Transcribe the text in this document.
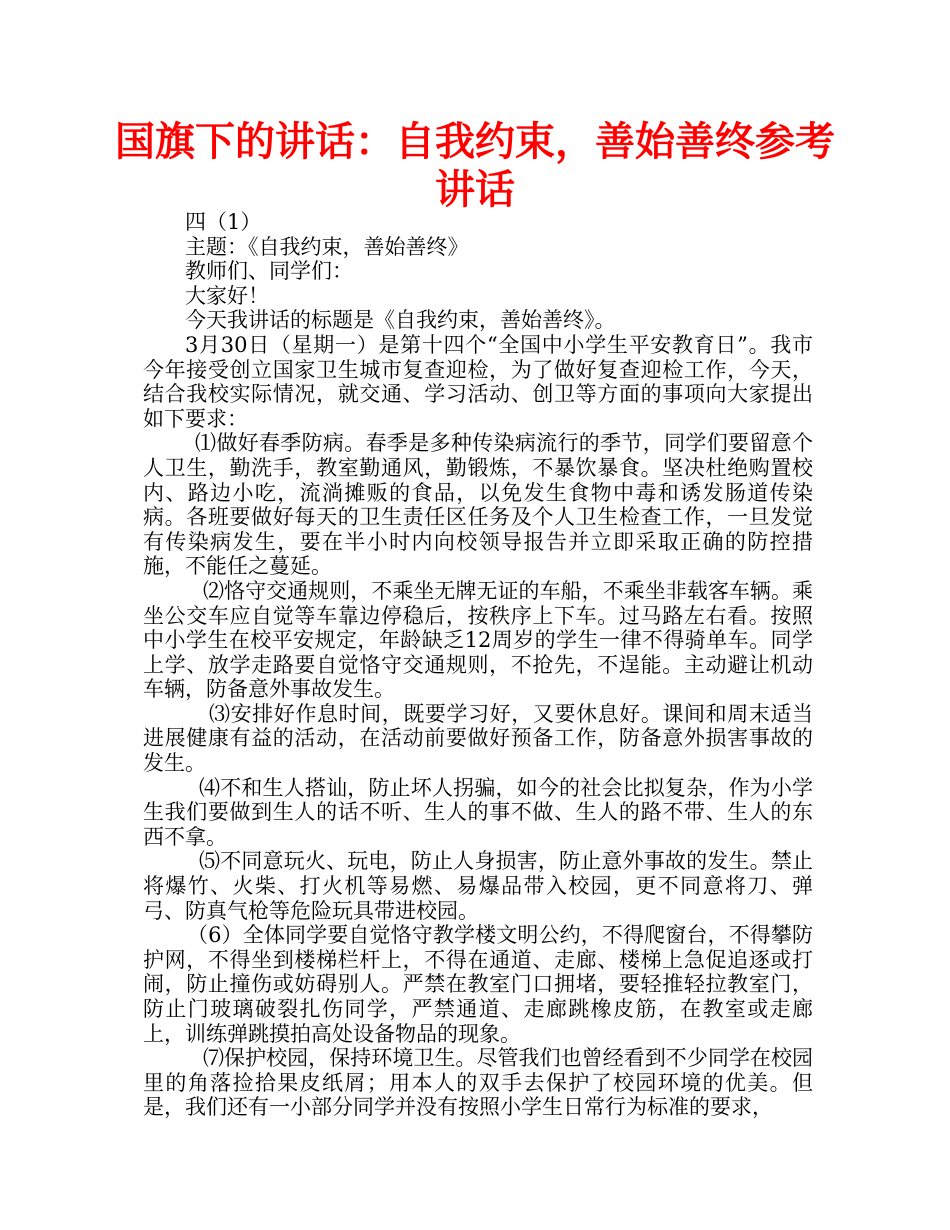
国旗下的讲话：自我约束，善始善终参考讲话

四（1）

主题：《自我约束，善始善终》

教师们、同学们：

大家好！

今天我讲话的标题是《自我约束，善始善终》。

3月30日（星期一）是第十四个“全国中小学生平安教育日”。我市今年接受创立国家卫生城市复查迎检，为了做好复查迎检工作，今天，结合我校实际情况，就交通、学习活动、创卫等方面的事项向大家提出如下要求：

⑴做好春季防病。春季是多种传染病流行的季节，同学们要留意个人卫生，勤洗手，教室勤通风，勤锻炼，不暴饮暴食。坚决杜绝购置校内、路边小吃，流淌摊贩的食品，以免发生食物中毒和诱发肠道传染病。各班要做好每天的卫生责任区任务及个人卫生检查工作，一旦发觉有传染病发生，要在半小时内向校领导报告并立即采取正确的防控措施，不能任之蔓延。

⑵恪守交通规则，不乘坐无牌无证的车船，不乘坐非载客车辆。乘坐公交车应自觉等车靠边停稳后，按秩序上下车。过马路左右看。按照中小学生在校平安规定，年龄缺乏12周岁的学生一律不得骑单车。同学上学、放学走路要自觉恪守交通规则，不抢先，不逞能。主动避让机动车辆，防备意外事故发生。

⑶安排好作息时间，既要学习好，又要休息好。课间和周末适当进展健康有益的活动，在活动前要做好预备工作，防备意外损害事故的发生。

⑷不和生人搭讪，防止坏人拐骗，如今的社会比拟复杂，作为小学生我们要做到生人的话不听、生人的事不做、生人的路不带、生人的东西不拿。

⑸不同意玩火、玩电，防止人身损害，防止意外事故的发生。禁止将爆竹、火柴、打火机等易燃、易爆品带入校园，更不同意将刀、弹弓、防真气枪等危险玩具带进校园。

（6）全体同学要自觉恪守教学楼文明公约，不得爬窗台，不得攀防护网，不得坐到楼梯栏杆上，不得在通道、走廊、楼梯上急促追逐或打闹，防止撞伤或妨碍别人。严禁在教室门口拥堵，要轻推轻拉教室门，防止门玻璃破裂扎伤同学，严禁通道、走廊跳橡皮筋，在教室或走廊上，训练弹跳摸拍高处设备物品的现象。

⑺保护校园，保持环境卫生。尽管我们也曾经看到不少同学在校园里的角落捡拾果皮纸屑；用本人的双手去保护了校园环境的优美。但是，我们还有一小部分同学并没有按照小学生日常行为标准的要求，
